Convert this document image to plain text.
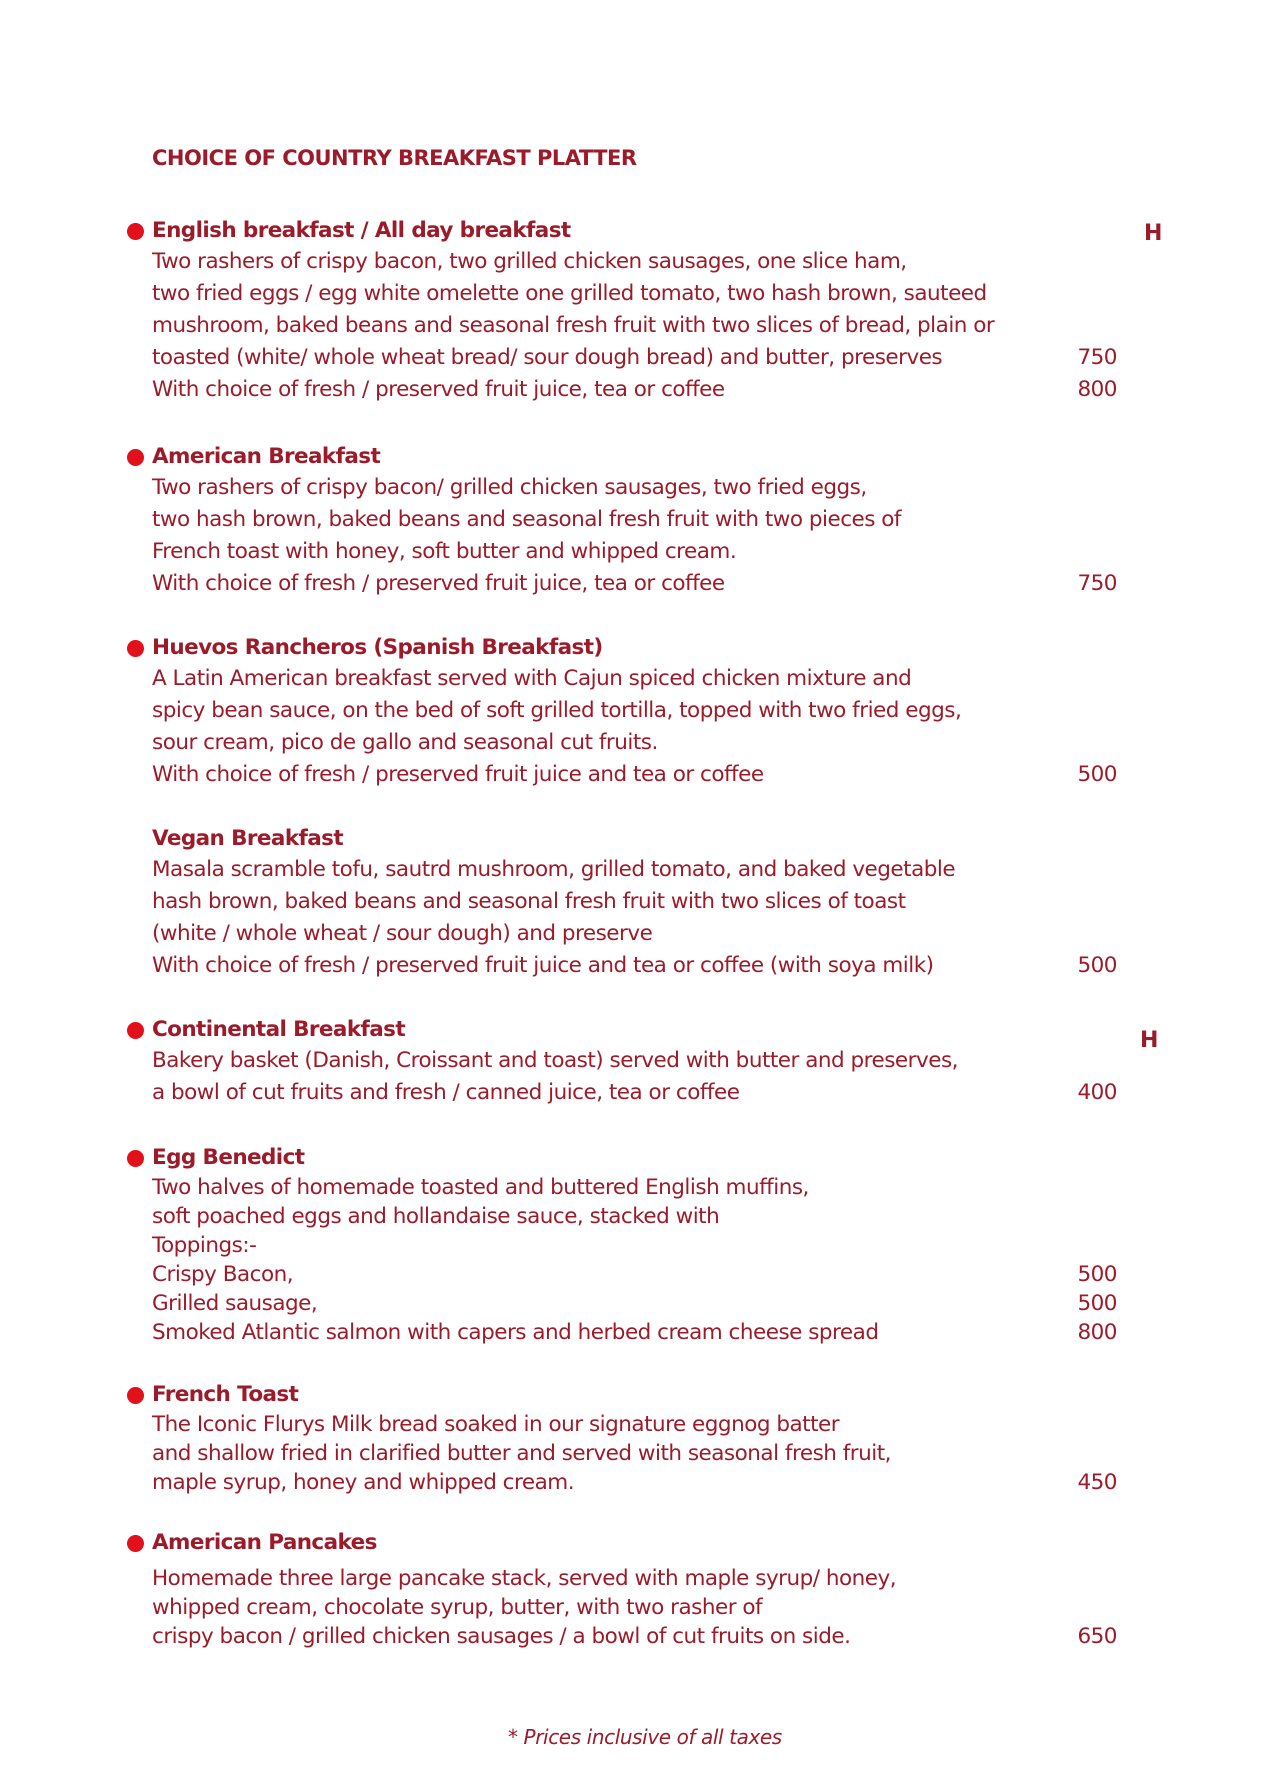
CHOICE OF COUNTRY BREAKFAST PLATTER
H
H
English breakfast / All day breakfast
Two rashers of crispy bacon, two grilled chicken sausages, one slice ham,
two fried eggs / egg white omelette one grilled tomato, two hash brown, sauteed
mushroom, baked beans and seasonal fresh fruit with two slices of bread, plain or
toasted (white/ whole wheat bread/ sour dough bread) and butter, preserves	750
With choice of fresh / preserved fruit juice, tea or coffee	800
American Breakfast
Two rashers of crispy bacon/ grilled chicken sausages, two fried eggs,
two hash brown, baked beans and seasonal fresh fruit with two pieces of
French toast with honey, soft butter and whipped cream.
With choice of fresh / preserved fruit juice, tea or coffee	750
Huevos Rancheros (Spanish Breakfast)
A Latin American breakfast served with Cajun spiced chicken mixture and
spicy bean sauce, on the bed of soft grilled tortilla, topped with two fried eggs,
sour cream, pico de gallo and seasonal cut fruits.
With choice of fresh / preserved fruit juice and tea or coffee	500
Vegan Breakfast
Masala scramble tofu, sautrd mushroom, grilled tomato, and baked vegetable
hash brown, baked beans and seasonal fresh fruit with two slices of toast
(white / whole wheat / sour dough) and preserve
With choice of fresh / preserved fruit juice and tea or coffee (with soya milk)	500
Continental Breakfast
Bakery basket (Danish, Croissant and toast) served with butter and preserves,
a bowl of cut fruits and fresh / canned juice, tea or coffee	400
Egg Benedict
Two halves of homemade toasted and buttered English muffins,
soft poached eggs and hollandaise sauce, stacked with
Toppings:-
Crispy Bacon,	500
Grilled sausage,	500
Smoked Atlantic salmon with capers and herbed cream cheese spread	800
French Toast
The Iconic Flurys Milk bread soaked in our signature eggnog batter
and shallow fried in clarified butter and served with seasonal fresh fruit,
maple syrup, honey and whipped cream.	450
American Pancakes
Homemade three large pancake stack, served with maple syrup/ honey,
whipped cream, chocolate syrup, butter, with two rasher of
crispy bacon / grilled chicken sausages / a bowl of cut fruits on side.	650
* Prices inclusive of all taxes
